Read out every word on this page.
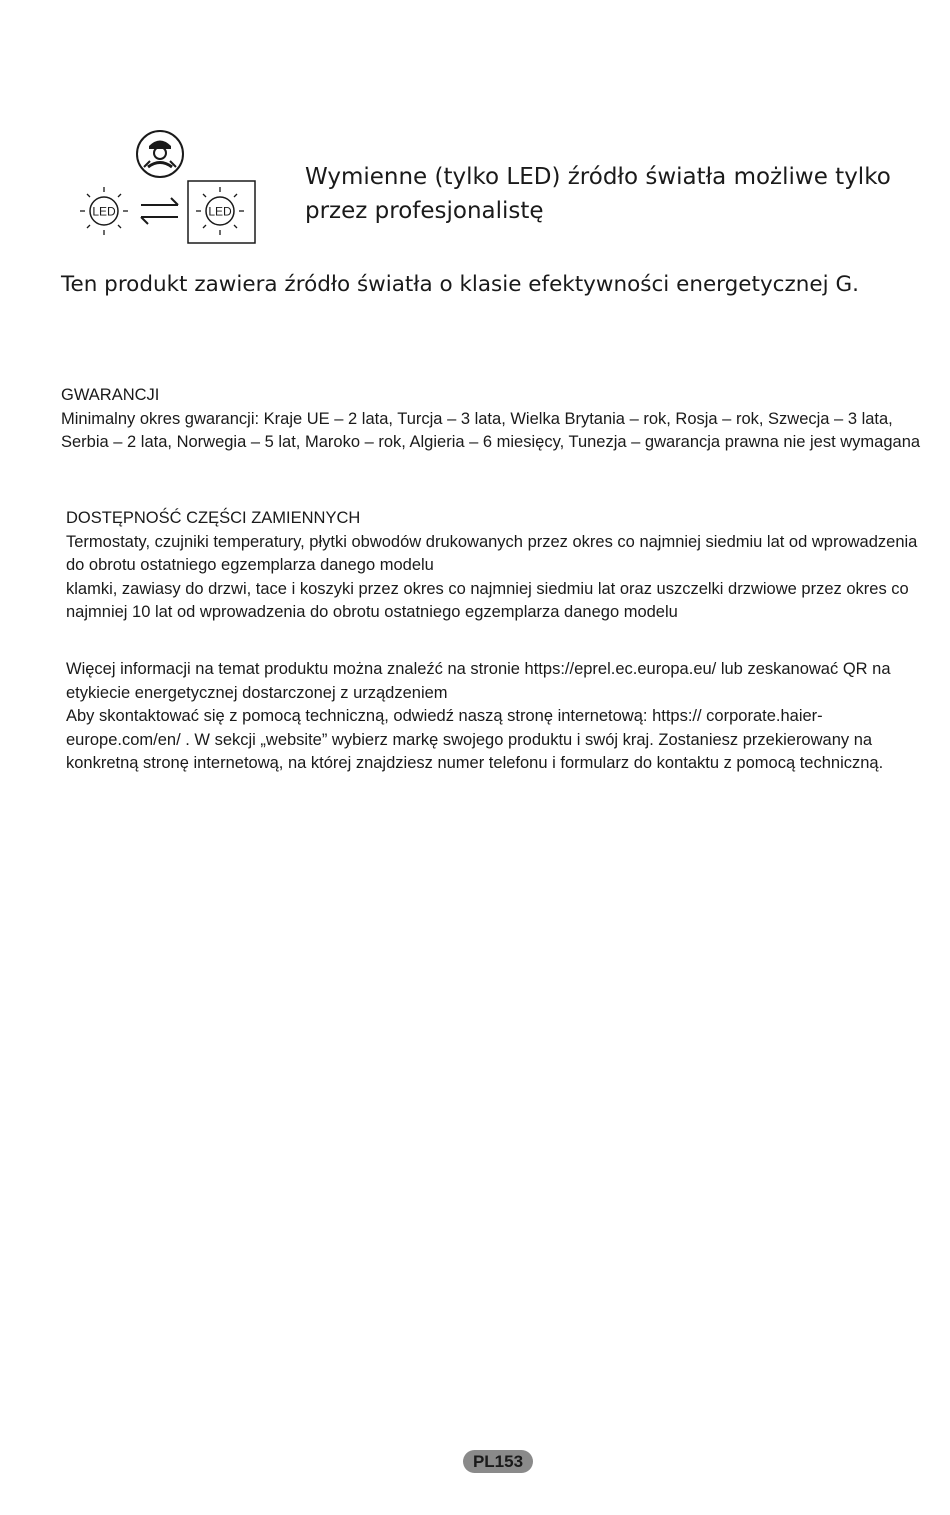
LED	LED
Wymienne (tylko LED) źródło światła możliwe tylko przez profesjonalistę
Ten produkt zawiera źródło światła o klasie efektywności energetycznej G.

GWARANCJI

Minimalny okres gwarancji: Kraje UE – 2 lata, Turcja – 3 lata, Wielka Brytania – rok, Rosja – rok, Szwecja – 3 lata, Serbia – 2 lata, Norwegia – 5 lat, Maroko – rok, Algieria – 6 miesięcy, Tunezja – gwarancja prawna nie jest wymagana

DOSTĘPNOŚĆ CZĘŚCI ZAMIENNYCH

Termostaty, czujniki temperatury, płytki obwodów drukowanych przez okres co najmniej siedmiu lat od wprowadzenia do obrotu ostatniego egzemplarza danego modelu

klamki, zawiasy do drzwi, tace i koszyki przez okres co najmniej siedmiu lat oraz uszczelki drzwiowe przez okres co najmniej 10 lat od wprowadzenia do obrotu ostatniego egzemplarza danego modelu

Więcej informacji na temat produktu można znaleźć na stronie https://eprel.ec.europa.eu/ lub zeskanować QR na etykiecie energetycznej dostarczonej z urządzeniem

Aby skontaktować się z pomocą techniczną, odwiedź naszą stronę internetową: https:// corporate.haier-europe.com/en/ . W sekcji „website” wybierz markę swojego produktu i swój kraj. Zostaniesz przekierowany na konkretną stronę internetową, na której znajdziesz numer telefonu i formularz do kontaktu z pomocą techniczną.

PL153
